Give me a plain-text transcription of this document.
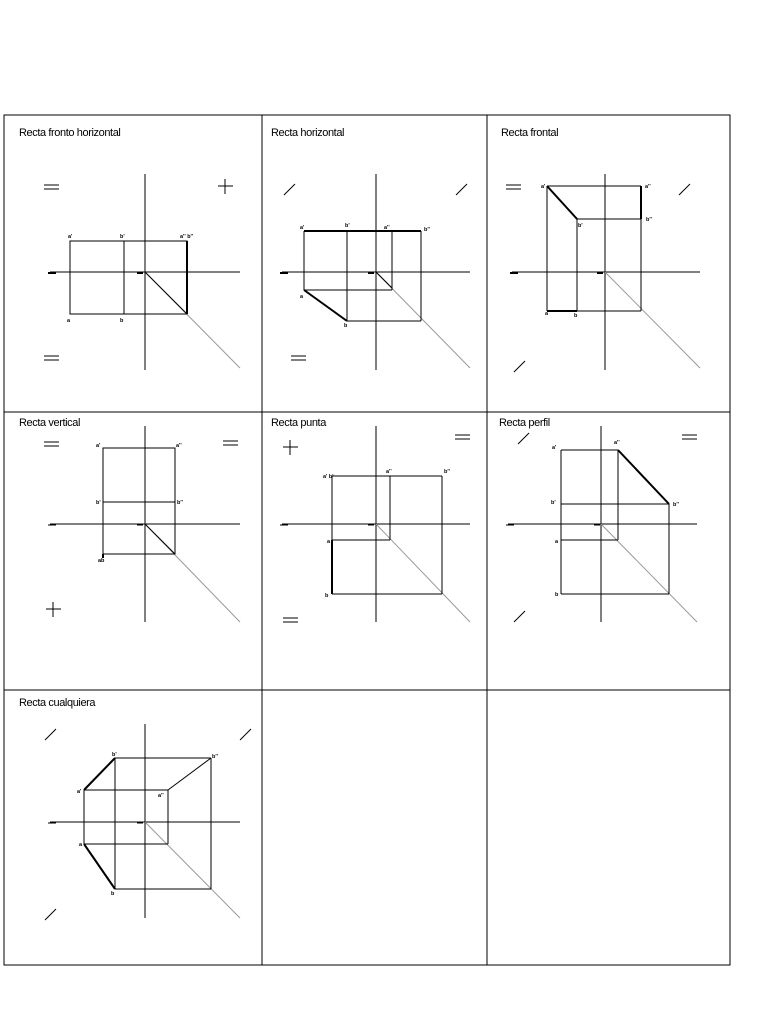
Recta fronto horizontal
a'	b'	a'' b''
a	b
Recta horizontal
a'	b'	a''	b''
a
b
Recta frontal
a'	a''
b'
b''
a	b
Recta vertical
a'	a''
b'	b''
ab
Recta punta
a' b'
a''	b''
a
b
Recta perfil
a'
a''
b'	b''
a
b
Recta cualquiera
b'	b''
a'
a''
a
b
